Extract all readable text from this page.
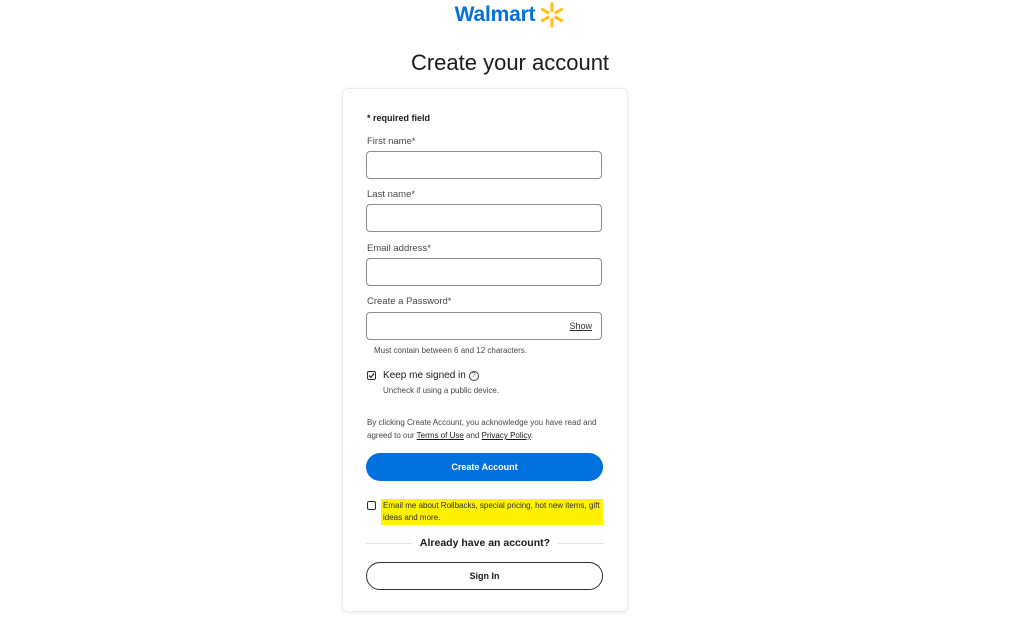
Walmart
Create your account
* required field
First name*
Last name*
Email address*
Create a Password*
Show
Must contain between 6 and 12 characters.
Keep me signed in ?
Uncheck if using a public device.
By clicking Create Account, you acknowledge you have read and agreed to our Terms of Use and Privacy Policy.
Create Account
Email me about Rollbacks, special pricing, hot new items, gift ideas and more.
Already have an account?
Sign In
